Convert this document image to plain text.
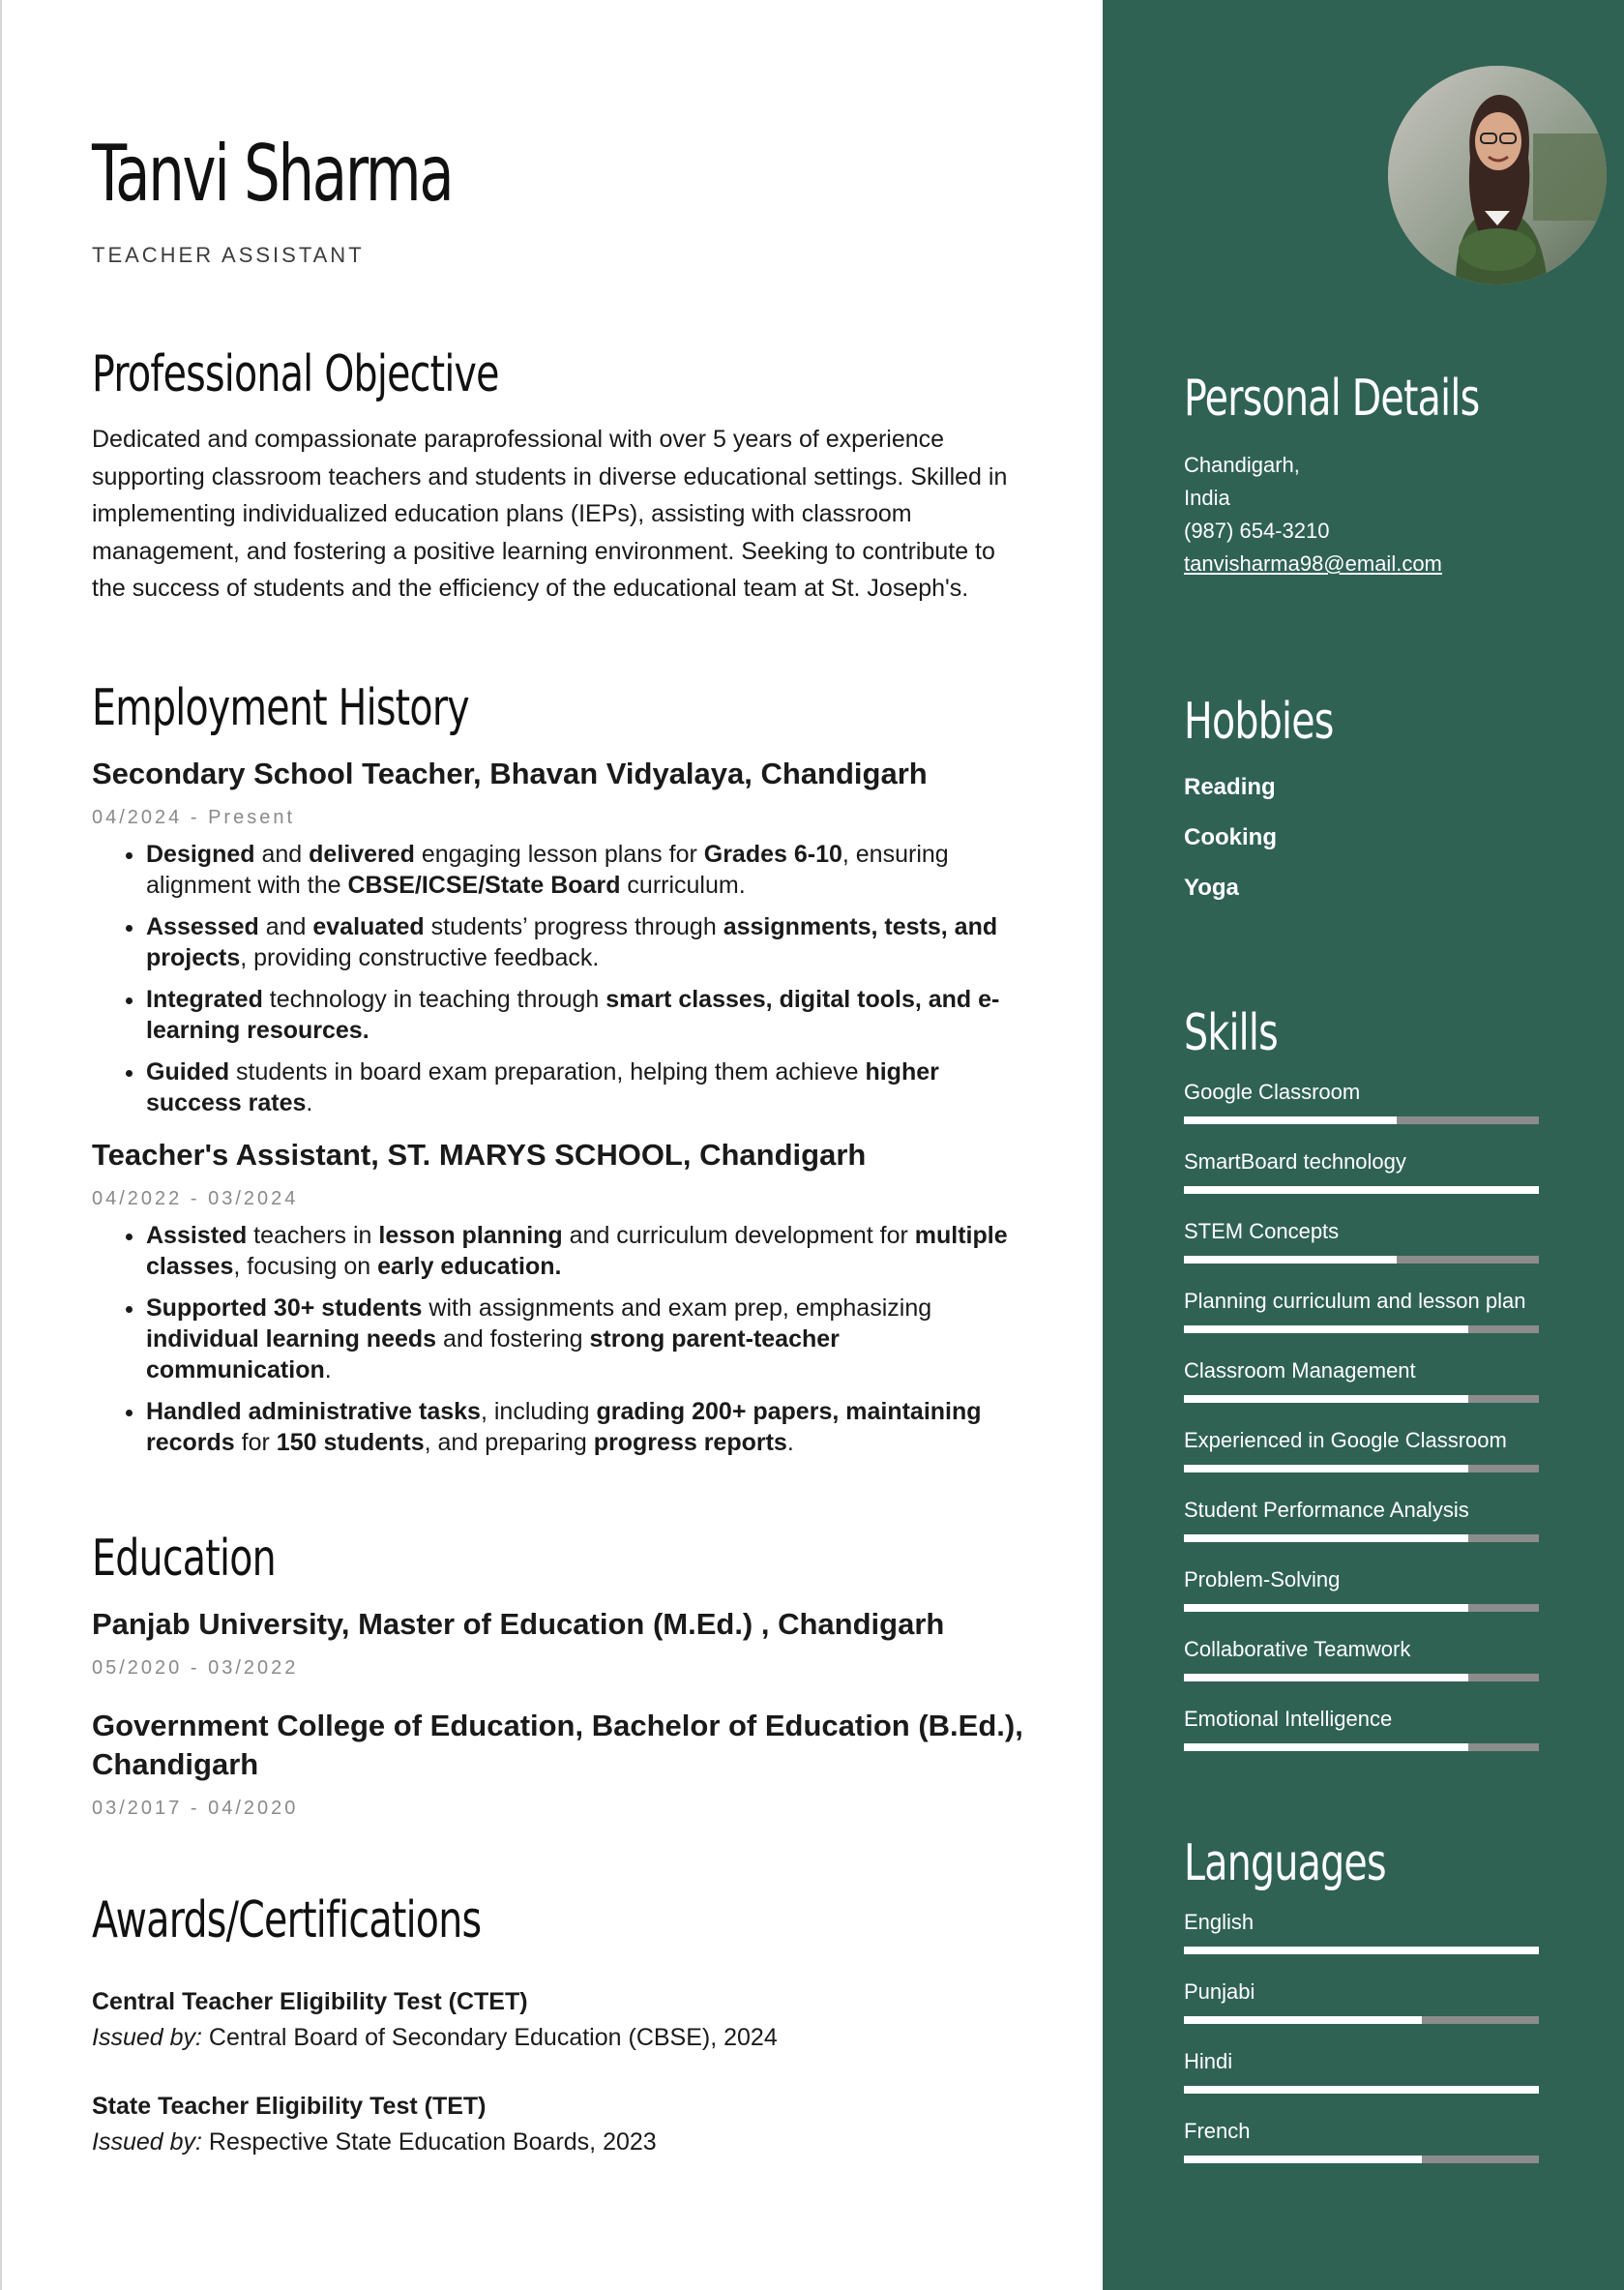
Tanvi Sharma
TEACHER ASSISTANT
Professional Objective

Dedicated and compassionate paraprofessional with over 5 years of experience supporting classroom teachers and students in diverse educational settings. Skilled in implementing individualized education plans (IEPs), assisting with classroom management, and fostering a positive learning environment. Seeking to contribute to the success of students and the efficiency of the educational team at St. Joseph's.

Employment History
Secondary School Teacher, Bhavan Vidyalaya, Chandigarh
04/2024 - Present
• Designed and delivered engaging lesson plans for Grades 6-10, ensuring alignment with the CBSE/ICSE/State Board curriculum.
• Assessed and evaluated students’ progress through assignments, tests, and projects, providing constructive feedback.
• Integrated technology in teaching through smart classes, digital tools, and e-learning resources.
• Guided students in board exam preparation, helping them achieve higher success rates.
Teacher's Assistant, ST. MARYS SCHOOL, Chandigarh
04/2022 - 03/2024
• Assisted teachers in lesson planning and curriculum development for multiple classes, focusing on early education.
• Supported 30+ students with assignments and exam prep, emphasizing individual learning needs and fostering strong parent-teacher communication.
• Handled administrative tasks, including grading 200+ papers, maintaining records for 150 students, and preparing progress reports.
Education
Panjab University, Master of Education (M.Ed.) , Chandigarh
05/2020 - 03/2022
Government College of Education, Bachelor of Education (B.Ed.), Chandigarh
03/2017 - 04/2020
Awards/Certifications
Central Teacher Eligibility Test (CTET)
Issued by: Central Board of Secondary Education (CBSE), 2024
State Teacher Eligibility Test (TET)
Issued by: Respective State Education Boards, 2023
Personal Details
Chandigarh,
India
(987) 654-3210
tanvisharma98@email.com
Hobbies
Reading
Cooking
Yoga
Skills
Google Classroom
SmartBoard technology
STEM Concepts
Planning curriculum and lesson plan
Classroom Management
Experienced in Google Classroom
Student Performance Analysis
Problem-Solving
Collaborative Teamwork
Emotional Intelligence
Languages
English
Punjabi
Hindi
French
